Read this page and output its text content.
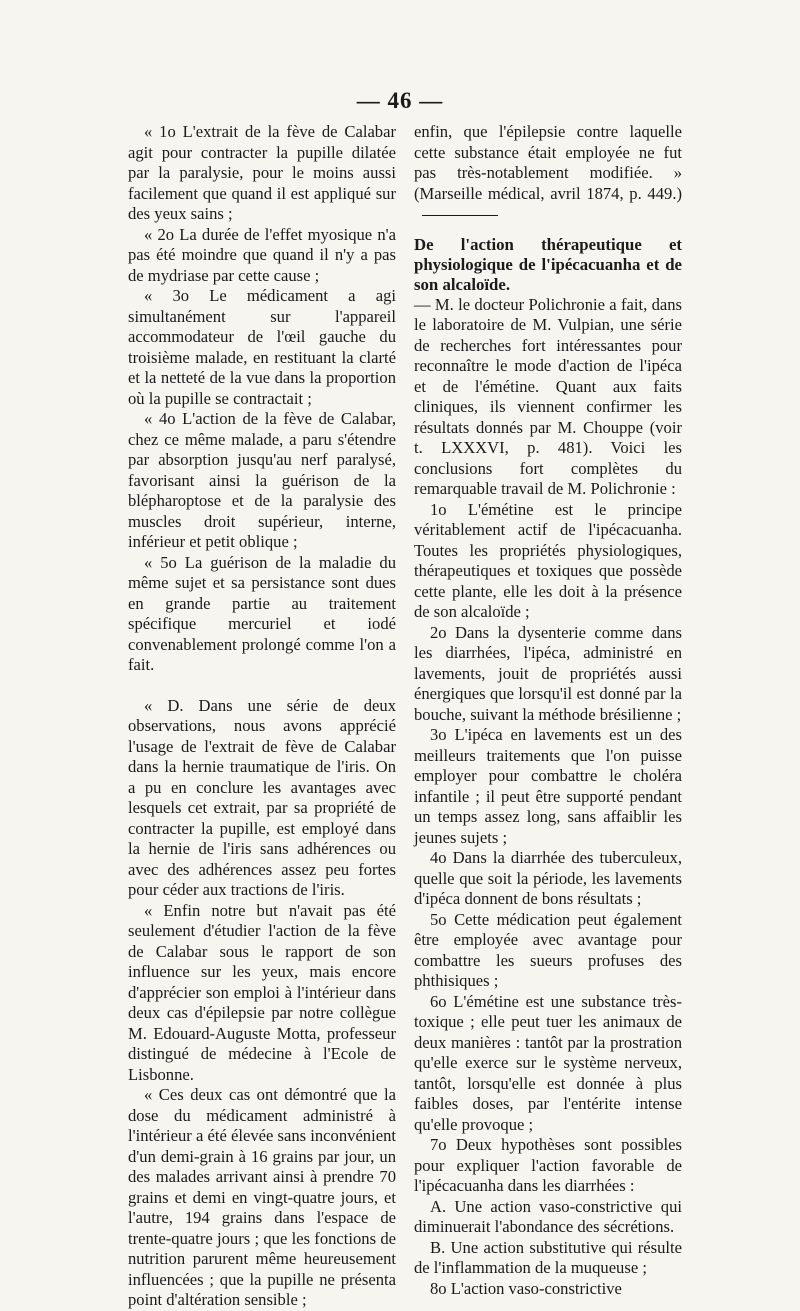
— 46 —

« 1o L'extrait de la fève de Calabar agit pour contracter la pupille dilatée par la paralysie, pour le moins aussi facilement que quand il est appliqué sur des yeux sains ;

« 2o La durée de l'effet myosique n'a pas été moindre que quand il n'y a pas de mydriase par cette cause ;

« 3o Le médicament a agi simultanément sur l'appareil accommodateur de l'œil gauche du troisième malade, en restituant la clarté et la netteté de la vue dans la proportion où la pupille se contractait ;

« 4o L'action de la fève de Calabar, chez ce même malade, a paru s'étendre par absorption jusqu'au nerf paralysé, favorisant ainsi la guérison de la blépharoptose et de la paralysie des muscles droit supérieur, interne, inférieur et petit oblique ;

« 5o La guérison de la maladie du même sujet et sa persistance sont dues en grande partie au traitement spécifique mercuriel et iodé convenablement prolongé comme l'on a fait.

« D. Dans une série de deux observations, nous avons apprécié l'usage de l'extrait de fève de Calabar dans la hernie traumatique de l'iris. On a pu en conclure les avantages avec lesquels cet extrait, par sa propriété de contracter la pupille, est employé dans la hernie de l'iris sans adhérences ou avec des adhérences assez peu fortes pour céder aux tractions de l'iris.

« Enfin notre but n'avait pas été seulement d'étudier l'action de la fève de Calabar sous le rapport de son influence sur les yeux, mais encore d'apprécier son emploi à l'intérieur dans deux cas d'épilepsie par notre collègue M. Edouard-Auguste Motta, professeur distingué de médecine à l'Ecole de Lisbonne.

« Ces deux cas ont démontré que la dose du médicament administré à l'intérieur a été élevée sans inconvénient d'un demi-grain à 16 grains par jour, un des malades arrivant ainsi à prendre 70 grains et demi en vingt-quatre jours, et l'autre, 194 grains dans l'espace de trente-quatre jours ; que les fonctions de nutrition parurent même heureusement influencées ; que la pupille ne présenta point d'altération sensible ;

enfin, que l'épilepsie contre laquelle cette substance était employée ne fut pas très-notablement modifiée. » (Marseille médical, avril 1874, p. 449.)

De l'action thérapeutique et physiologique de l'ipécacuanha et de son alcaloïde.

— M. le docteur Polichronie a fait, dans le laboratoire de M. Vulpian, une série de recherches fort intéressantes pour reconnaître le mode d'action de l'ipéca et de l'émétine. Quant aux faits cliniques, ils viennent confirmer les résultats donnés par M. Chouppe (voir t. LXXXVI, p. 481). Voici les conclusions fort complètes du remarquable travail de M. Polichronie :

1o L'émétine est le principe véritablement actif de l'ipécacuanha. Toutes les propriétés physiologiques, thérapeutiques et toxiques que possède cette plante, elle les doit à la présence de son alcaloïde ;

2o Dans la dysenterie comme dans les diarrhées, l'ipéca, administré en lavements, jouit de propriétés aussi énergiques que lorsqu'il est donné par la bouche, suivant la méthode brésilienne ;

3o L'ipéca en lavements est un des meilleurs traitements que l'on puisse employer pour combattre le choléra infantile ; il peut être supporté pendant un temps assez long, sans affaiblir les jeunes sujets ;

4o Dans la diarrhée des tuberculeux, quelle que soit la période, les lavements d'ipéca donnent de bons résultats ;

5o Cette médication peut également être employée avec avantage pour combattre les sueurs profuses des phthisiques ;

6o L'émétine est une substance très-toxique ; elle peut tuer les animaux de deux manières : tantôt par la prostration qu'elle exerce sur le système nerveux, tantôt, lorsqu'elle est donnée à plus faibles doses, par l'entérite intense qu'elle provoque ;

7o Deux hypothèses sont possibles pour expliquer l'action favorable de l'ipécacuanha dans les diarrhées :

A. Une action vaso-constrictive qui diminuerait l'abondance des sécrétions.

B. Une action substitutive qui résulte de l'inflammation de la muqueuse ;

8o L'action vaso-constrictive
